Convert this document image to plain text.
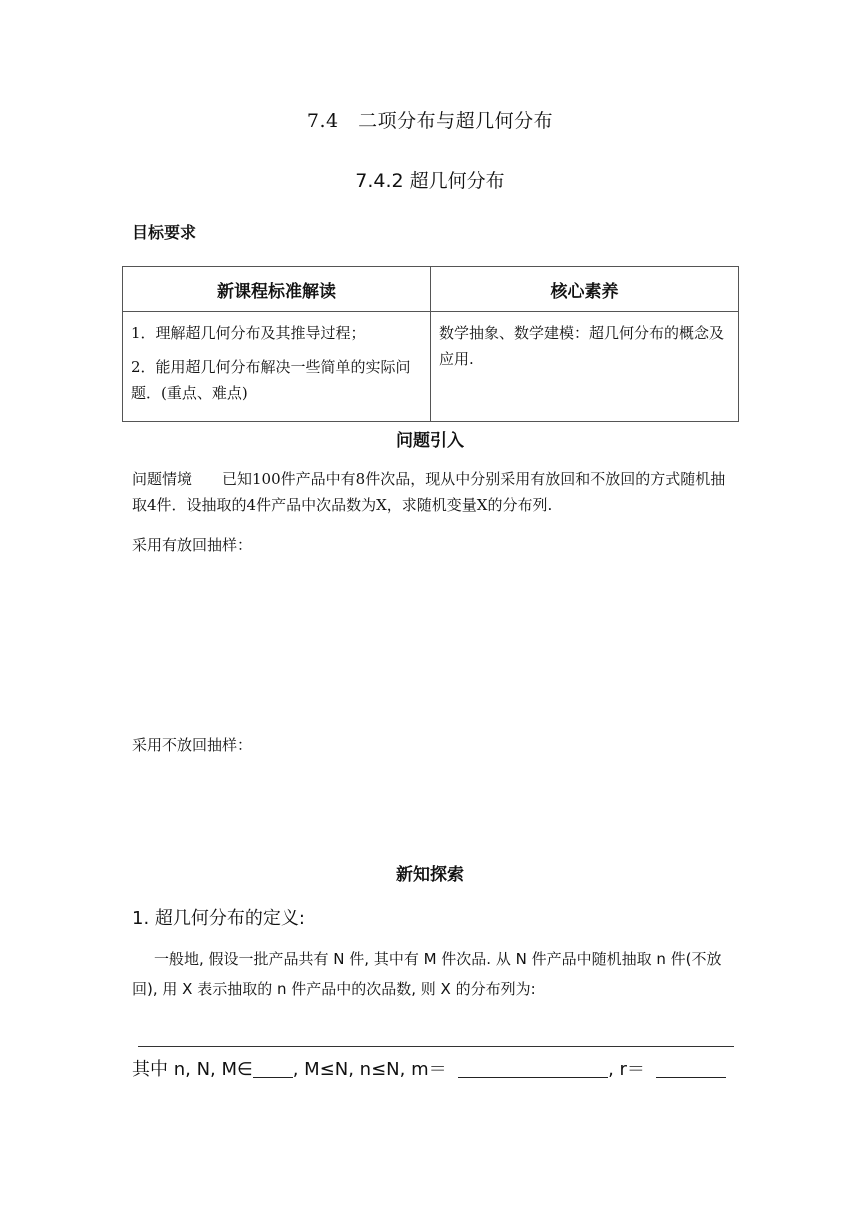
7.4　二项分布与超几何分布
7.4.2 超几何分布
目标要求
新课程标准解读	核心素养

1．理解超几何分布及其推导过程；

2．能用超几何分布解决一些简单的实际问题．(重点、难点)	数学抽象、数学建模：超几何分布的概念及应用.
问题引入
问题情境 已知100件产品中有8件次品，现从中分别采用有放回和不放回的方式随机抽取4件．设抽取的4件产品中次品数为X，求随机变量X的分布列.
采用有放回抽样：
采用不放回抽样：
新知探索
1. 超几何分布的定义:
一般地, 假设一批产品共有 N 件, 其中有 M 件次品. 从 N 件产品中随机抽取 n 件(不放回), 用 X 表示抽取的 n 件产品中的次品数, 则 X 的分布列为:
其中 n, N, M∈ , M≤N, n≤N, m＝	, r＝
